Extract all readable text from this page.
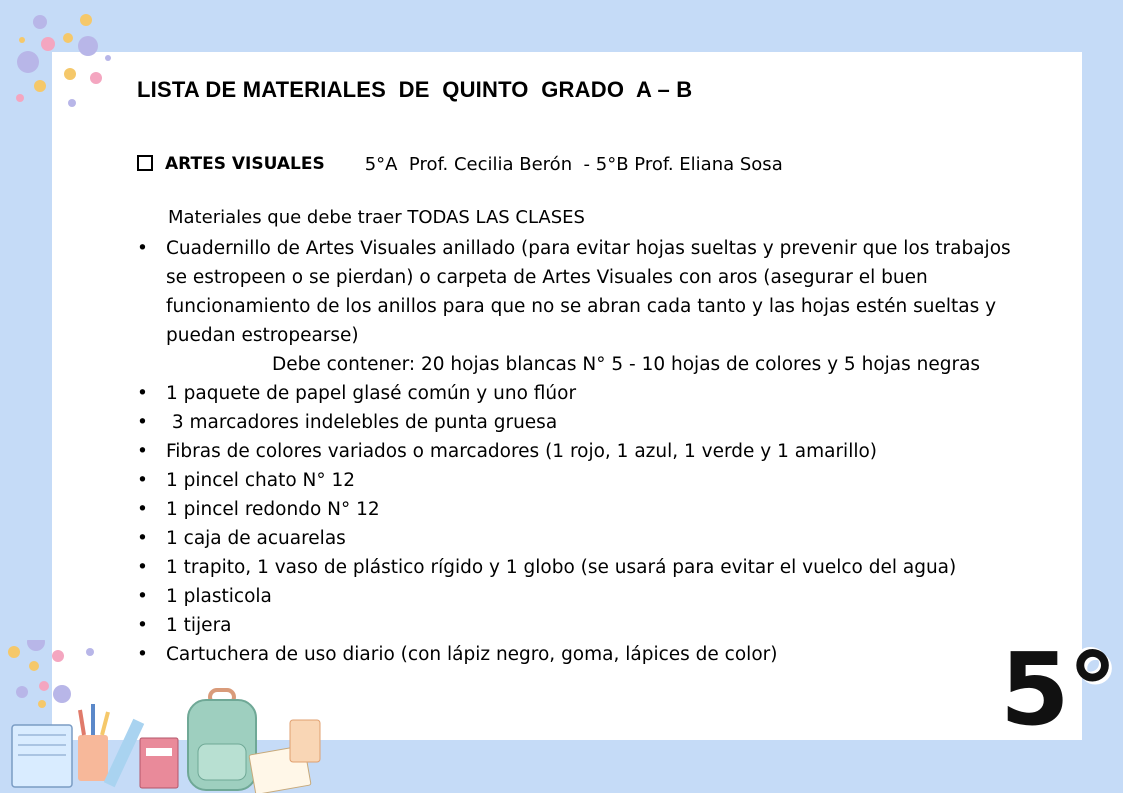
LISTA DE MATERIALES  DE  QUINTO  GRADO  A – B
ARTES VISUALES 5°A  Prof. Cecilia Berón  - 5°B Prof. Eliana Sosa
Materiales que debe traer TODAS LAS CLASES
• Cuadernillo de Artes Visuales anillado (para evitar hojas sueltas y prevenir que los trabajos se estropeen o se pierdan) o carpeta de Artes Visuales con aros (asegurar el buen funcionamiento de los anillos para que no se abran cada tanto y las hojas estén sueltas y puedan estropearse)
Debe contener: 20 hojas blancas N° 5 - 10 hojas de colores y 5 hojas negras
• 1 paquete de papel glasé común y uno flúor
• 3 marcadores indelebles de punta gruesa
• Fibras de colores variados o marcadores (1 rojo, 1 azul, 1 verde y 1 amarillo)
• 1 pincel chato N° 12
• 1 pincel redondo N° 12
• 1 caja de acuarelas
• 1 trapito, 1 vaso de plástico rígido y 1 globo (se usará para evitar el vuelco del agua)
• 1 plasticola
• 1 tijera
• Cartuchera de uso diario (con lápiz negro, goma, lápices de color)	5°
